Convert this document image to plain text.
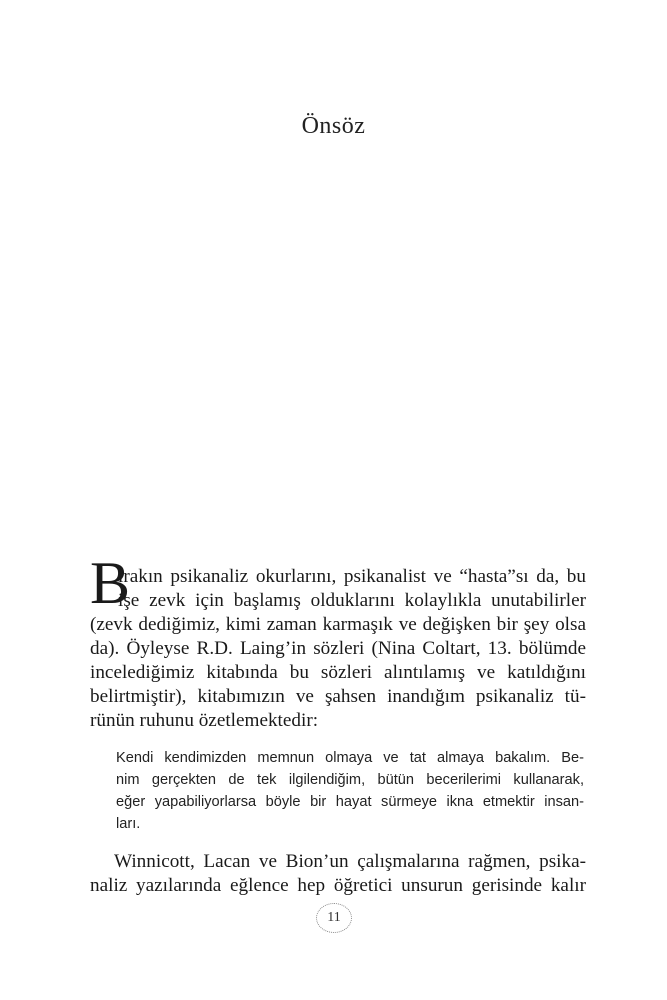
Önsöz
B
ırakın psikanaliz okurlarını, psikanalist ve “hasta”sı da, bu
işe zevk için başlamış olduklarını kolaylıkla unutabilirler
(zevk dediğimiz, kimi zaman karmaşık ve değişken bir şey olsa
da). Öyleyse R.D. Laing’in sözleri (Nina Coltart, 13. bölümde
incelediğimiz kitabında bu sözleri alıntılamış ve katıldığını
belirtmiştir), kitabımızın ve şahsen inandığım psikanaliz tü-
rünün ruhunu özetlemektedir:
Kendi kendimizden memnun olmaya ve tat almaya bakalım. Be-
nim gerçekten de tek ilgilendiğim, bütün becerilerimi kullanarak,
eğer yapabiliyorlarsa böyle bir hayat sürmeye ikna etmektir insan-
ları.
Winnicott, Lacan ve Bion’un çalışmalarına rağmen, psika-
naliz yazılarında eğlence hep öğretici unsurun gerisinde kalır
11
